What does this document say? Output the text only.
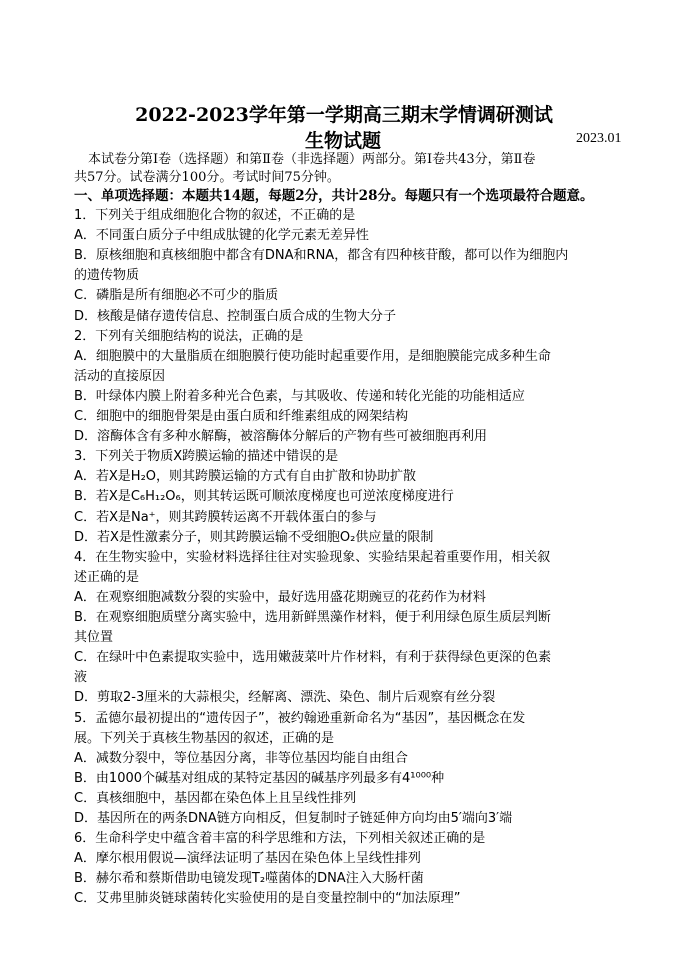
2022-2023学年第一学期高三期末学情调研测试
生物试题	2023.01
本试卷分第Ⅰ卷（选择题）和第Ⅱ卷（非选择题）两部分。第Ⅰ卷共43分，第Ⅱ卷
共57分。试卷满分100分。考试时间75分钟。
一、单项选择题：本题共14题，每题2分，共计28分。每题只有一个选项最符合题意。
1．下列关于组成细胞化合物的叙述，不正确的是
A．不同蛋白质分子中组成肽键的化学元素无差异性
B．原核细胞和真核细胞中都含有DNA和RNA，都含有四种核苷酸，都可以作为细胞内
的遗传物质
C．磷脂是所有细胞必不可少的脂质
D．核酸是储存遗传信息、控制蛋白质合成的生物大分子
2．下列有关细胞结构的说法，正确的是
A．细胞膜中的大量脂质在细胞膜行使功能时起重要作用，是细胞膜能完成多种生命
活动的直接原因
B．叶绿体内膜上附着多种光合色素，与其吸收、传递和转化光能的功能相适应
C．细胞中的细胞骨架是由蛋白质和纤维素组成的网架结构
D．溶酶体含有多种水解酶，被溶酶体分解后的产物有些可被细胞再利用
3．下列关于物质X跨膜运输的描述中错误的是
A．若X是H₂O，则其跨膜运输的方式有自由扩散和协助扩散
B．若X是C₆H₁₂O₆，则其转运既可顺浓度梯度也可逆浓度梯度进行
C．若X是Na⁺，则其跨膜转运离不开载体蛋白的参与
D．若X是性激素分子，则其跨膜运输不受细胞O₂供应量的限制
4．在生物实验中，实验材料选择往往对实验现象、实验结果起着重要作用，相关叙
述正确的是
A．在观察细胞减数分裂的实验中，最好选用盛花期豌豆的花药作为材料
B．在观察细胞质壁分离实验中，选用新鲜黑藻作材料，便于利用绿色原生质层判断
其位置
C．在绿叶中色素提取实验中，选用嫩菠菜叶片作材料，有利于获得绿色更深的色素
液
D．剪取2-3厘米的大蒜根尖，经解离、漂洗、染色、制片后观察有丝分裂
5．孟德尔最初提出的“遗传因子”，被约翰逊重新命名为“基因”，基因概念在发
展。下列关于真核生物基因的叙述，正确的是
A．减数分裂中，等位基因分离，非等位基因均能自由组合
B．由1000个碱基对组成的某特定基因的碱基序列最多有4¹⁰⁰⁰种
C．真核细胞中，基因都在染色体上且呈线性排列
D．基因所在的两条DNA链方向相反，但复制时子链延伸方向均由5′端向3′端
6．生命科学史中蕴含着丰富的科学思维和方法，下列相关叙述正确的是
A．摩尔根用假说—演绎法证明了基因在染色体上呈线性排列
B．赫尔希和蔡斯借助电镜发现T₂噬菌体的DNA注入大肠杆菌
C．艾弗里肺炎链球菌转化实验使用的是自变量控制中的“加法原理”
